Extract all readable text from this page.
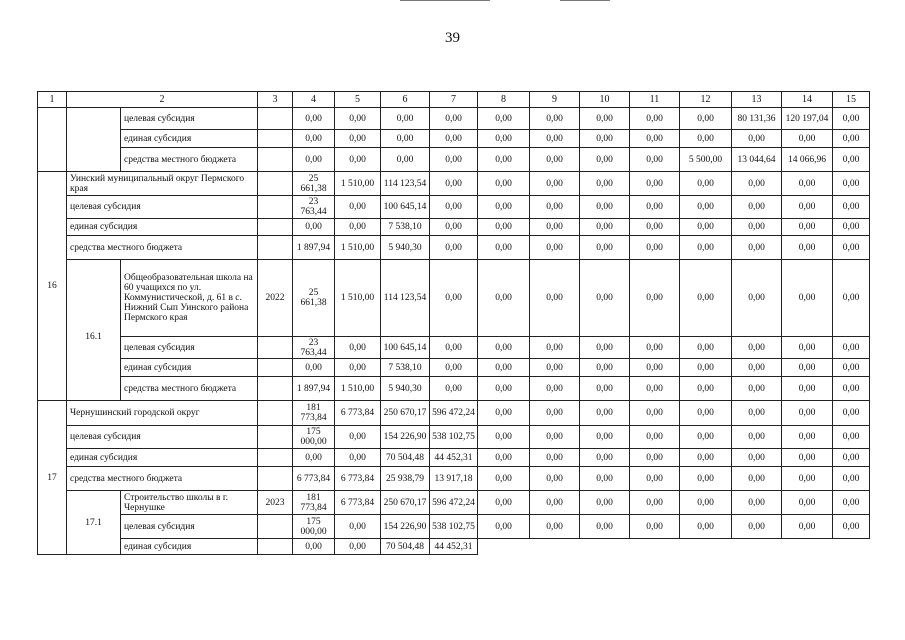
39
1	2		3	4	5	6	7	8	9	10	11	12	13	14	15
		целевая субсидия		0,00	0,00	0,00	0,00	0,00	0,00	0,00	0,00	0,00	80 131,36	120 197,04	0,00
		единая субсидия		0,00	0,00	0,00	0,00	0,00	0,00	0,00	0,00	0,00	0,00	0,00	0,00
		средства местного бюджета		0,00	0,00	0,00	0,00	0,00	0,00	0,00	0,00	5 500,00	13 044,64	14 066,96	0,00
16	Уинский муниципальный округ Пермского края			25 661,38	1 510,00	114 123,54	0,00	0,00	0,00	0,00	0,00	0,00	0,00	0,00	0,00
	целевая субсидия			23 763,44	0,00	100 645,14	0,00	0,00	0,00	0,00	0,00	0,00	0,00	0,00	0,00
	единая субсидия			0,00	0,00	7 538,10	0,00	0,00	0,00	0,00	0,00	0,00	0,00	0,00	0,00
	средства местного бюджета			1 897,94	1 510,00	5 940,30	0,00	0,00	0,00	0,00	0,00	0,00	0,00	0,00	0,00
	16.1	Общеобразовательная школа на 60 учащихся по ул. Коммунистической, д. 61 в с. Нижний Сып Уинского района Пермского края	2022	25 661,38	1 510,00	114 123,54	0,00	0,00	0,00	0,00	0,00	0,00	0,00	0,00	0,00
		целевая субсидия		23 763,44	0,00	100 645,14	0,00	0,00	0,00	0,00	0,00	0,00	0,00	0,00	0,00
		единая субсидия		0,00	0,00	7 538,10	0,00	0,00	0,00	0,00	0,00	0,00	0,00	0,00	0,00
		средства местного бюджета		1 897,94	1 510,00	5 940,30	0,00	0,00	0,00	0,00	0,00	0,00	0,00	0,00	0,00
17	Чернушинский городской округ			181 773,84	6 773,84	250 670,17	596 472,24	0,00	0,00	0,00	0,00	0,00	0,00	0,00	0,00
	целевая субсидия			175 000,00	0,00	154 226,90	538 102,75	0,00	0,00	0,00	0,00	0,00	0,00	0,00	0,00
	единая субсидия			0,00	0,00	70 504,48	44 452,31	0,00	0,00	0,00	0,00	0,00	0,00	0,00	0,00
	средства местного бюджета			6 773,84	6 773,84	25 938,79	13 917,18	0,00	0,00	0,00	0,00	0,00	0,00	0,00	0,00
	17.1	Строительство школы в г. Чернушке	2023	181 773,84	6 773,84	250 670,17	596 472,24	0,00	0,00	0,00	0,00	0,00	0,00	0,00	0,00
		целевая субсидия		175 000,00	0,00	154 226,90	538 102,75	0,00	0,00	0,00	0,00	0,00	0,00	0,00	0,00
		единая субсидия		0,00	0,00	70 504,48	44 452,31								
